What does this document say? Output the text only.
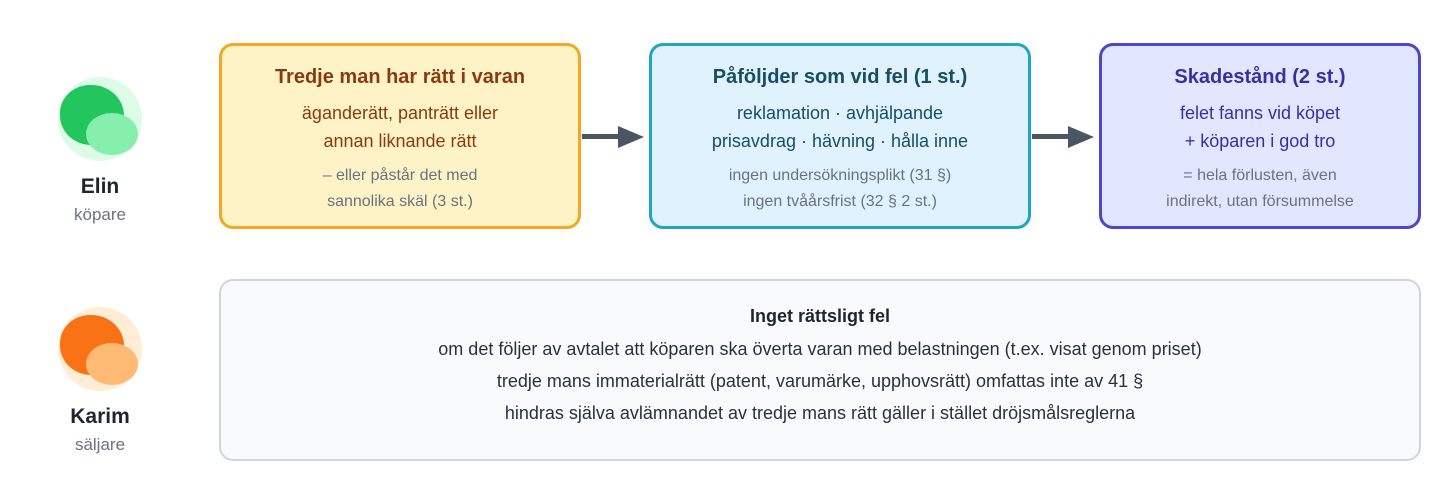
Elin
köpare
Karim
säljare
Tredje man har rätt i varan
äganderätt, panträtt eller
annan liknande rätt
– eller påstår det med
sannolika skäl (3 st.)
Påföljder som vid fel (1 st.)
reklamation · avhjälpande
prisavdrag · hävning · hålla inne
ingen undersökningsplikt (31 §)
ingen tvåårsfrist (32 § 2 st.)
Skadestånd (2 st.)
felet fanns vid köpet
+ köparen i god tro
= hela förlusten, även
indirekt, utan försummelse
Inget rättsligt fel
om det följer av avtalet att köparen ska överta varan med belastningen (t.ex. visat genom priset)
tredje mans immaterialrätt (patent, varumärke, upphovsrätt) omfattas inte av 41 §
hindras själva avlämnandet av tredje mans rätt gäller i stället dröjsmålsreglerna
